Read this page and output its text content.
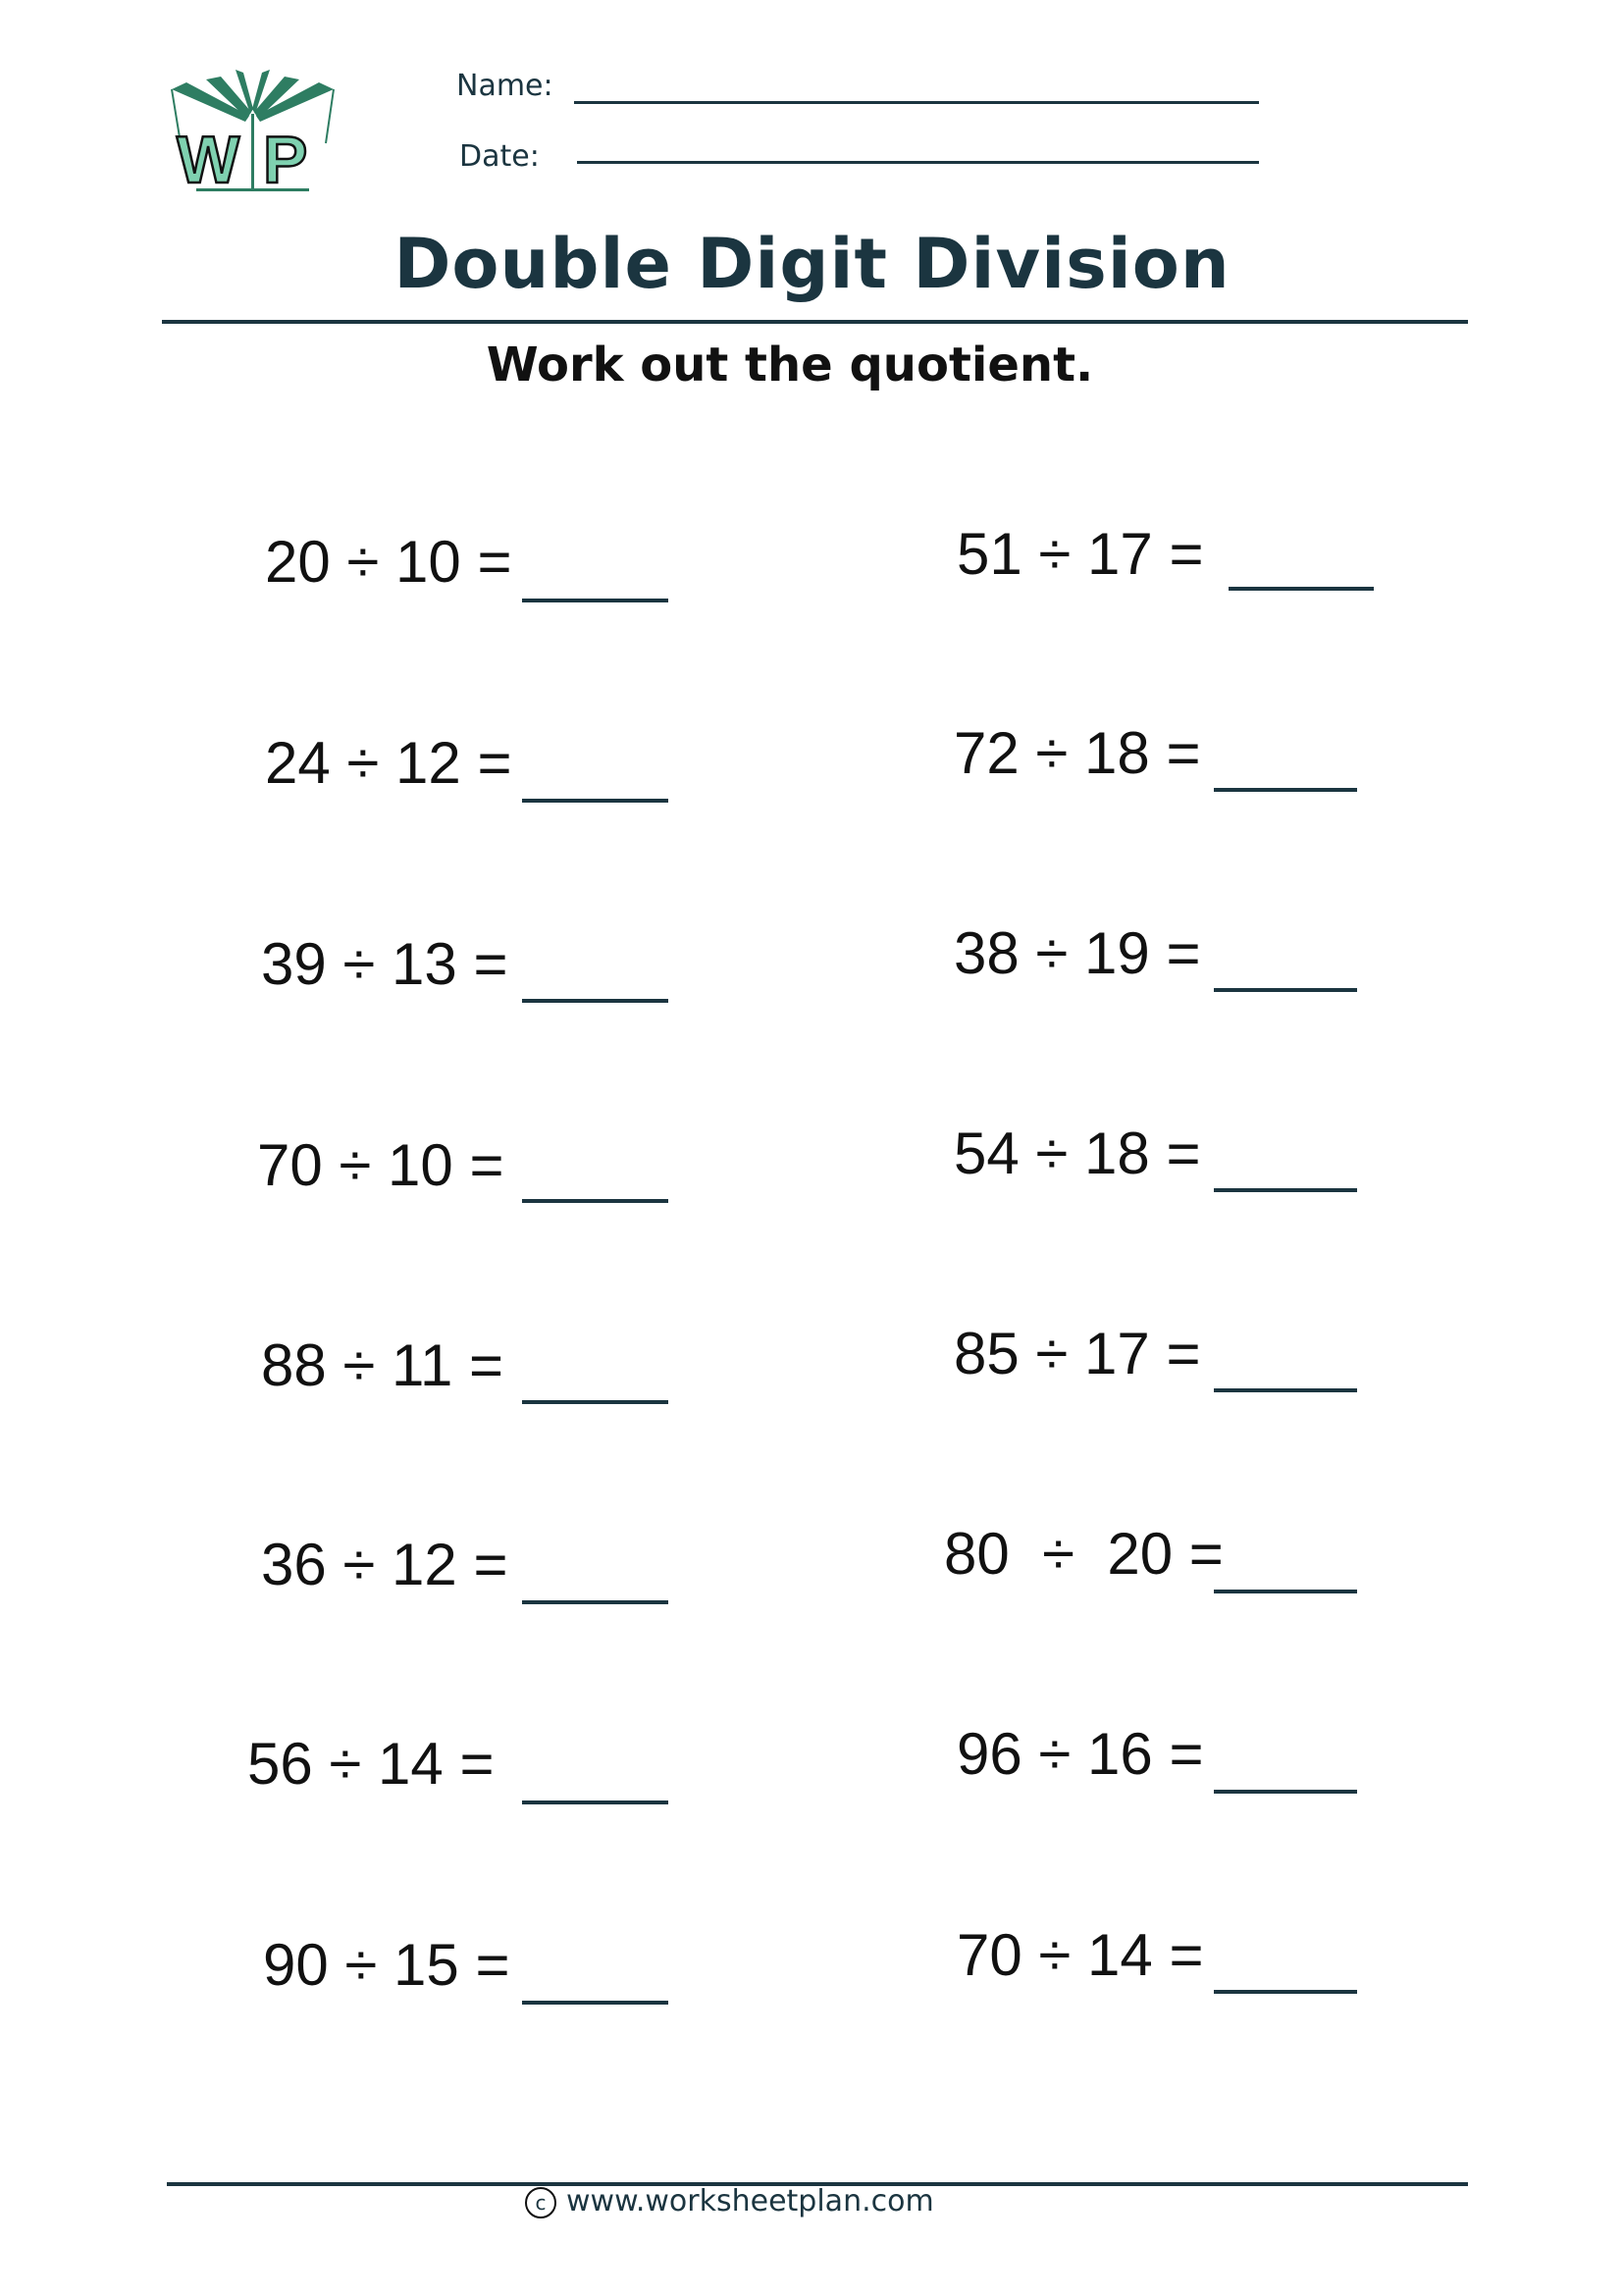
W P
Name:
Date:
Double Digit Division
Work out the quotient.
20 ÷ 10 =
24 ÷ 12 =
39 ÷ 13 =
70 ÷ 10 =
88 ÷ 11 =
36 ÷ 12 =
56 ÷ 14 =
90 ÷ 15 =
51 ÷ 17 =
72 ÷ 18 =
38 ÷ 19 =
54 ÷ 18 =
85 ÷ 17 =
80 ÷ 20 =
96 ÷ 16 =
70 ÷ 14 =
c www.worksheetplan.com
